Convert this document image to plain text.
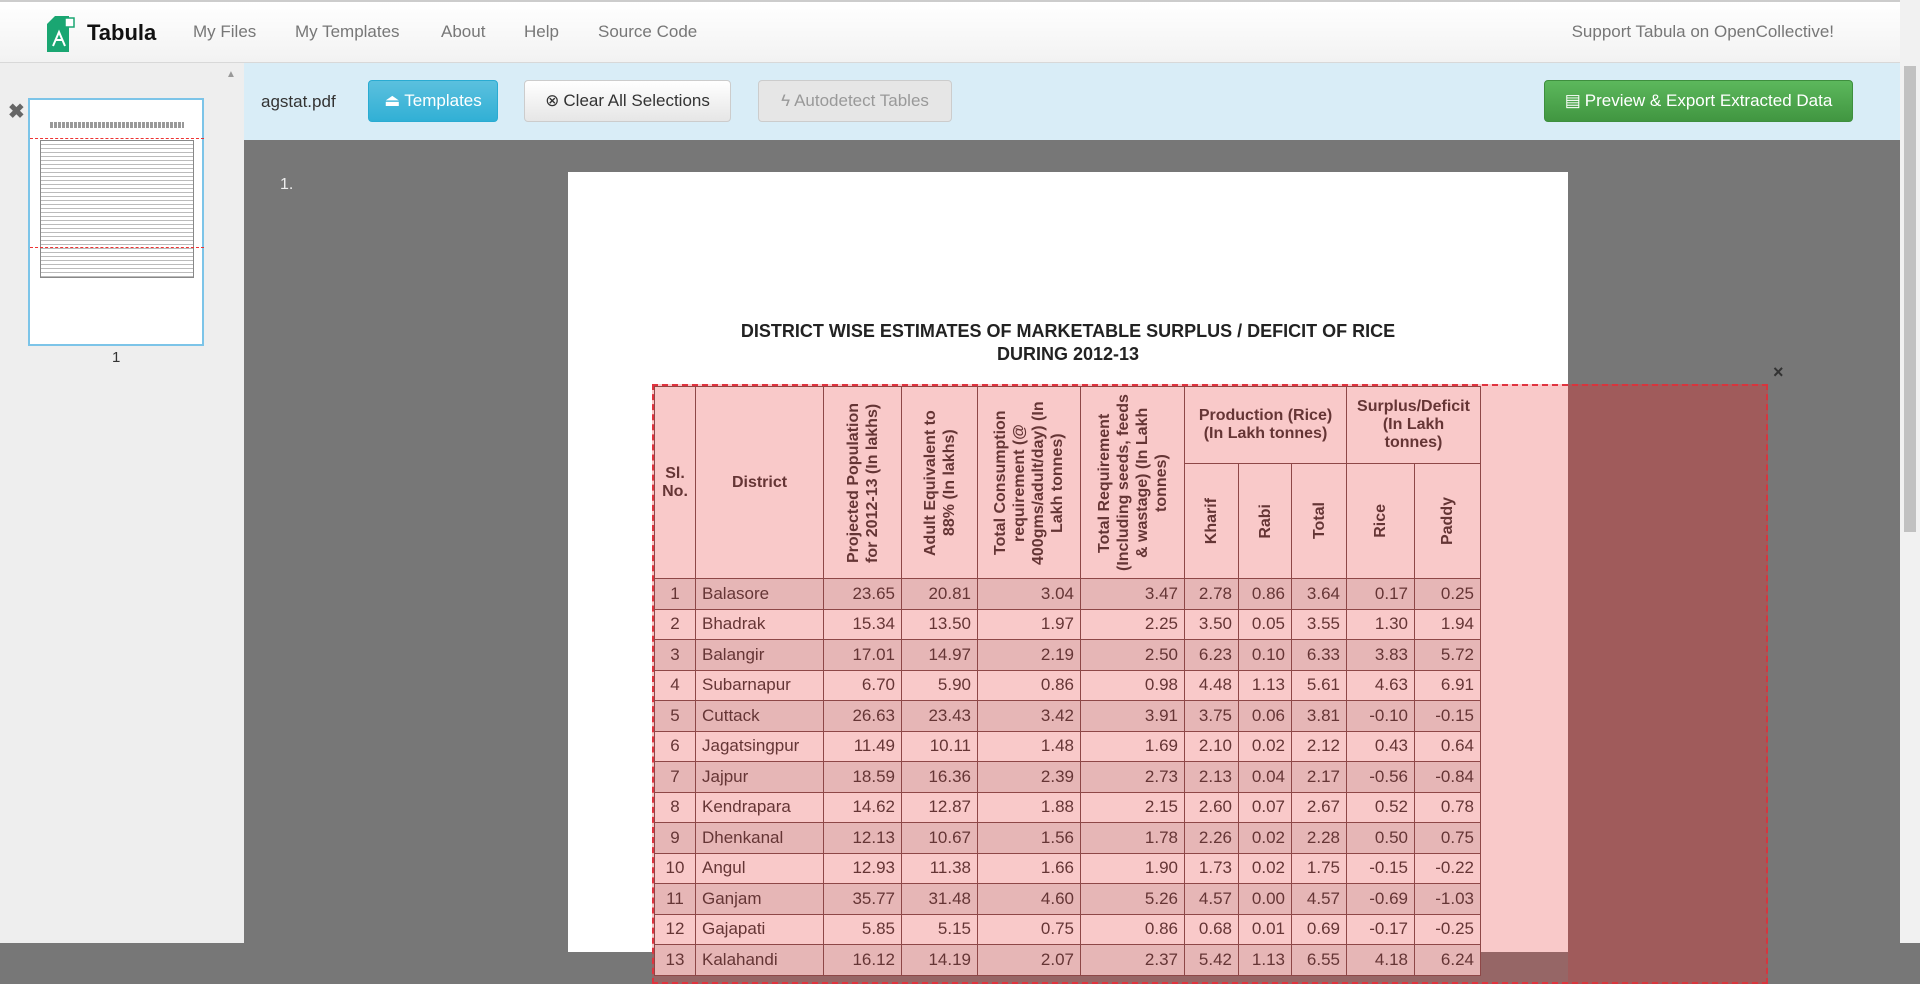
Tabula My Files My Templates About Help Source Code	Support Tabula on OpenCollective!
✖
▲
1
agstat.pdf	⏏ Templates	⊗ Clear All Selections	ϟ Autodetect Tables	▤ Preview & Export Extracted Data
1.
DISTRICT WISE ESTIMATES OF MARKETABLE SURPLUS / DEFICIT OF RICE
DURING 2012-13
Sl. No.	District	Projected Population for 2012-13 (In lakhs)	Adult Equivalent to 88% (In lakhs)	Total Consumption requirement (@ 400gms/adult/day) (In Lakh tonnes)	Total Requirement (Including seeds, feeds & wastage) (In Lakh tonnes)	Production (Rice) (In Lakh tonnes)			Surplus/Deficit (In Lakh tonnes)	

						Kharif	Rabi	Total	Rice	Paddy

1	Balasore	23.65	20.81	3.04	3.47	2.78	0.86	3.64	0.17	0.25
2	Bhadrak	15.34	13.50	1.97	2.25	3.50	0.05	3.55	1.30	1.94
3	Balangir	17.01	14.97	2.19	2.50	6.23	0.10	6.33	3.83	5.72
4	Subarnapur	6.70	5.90	0.86	0.98	4.48	1.13	5.61	4.63	6.91
5	Cuttack	26.63	23.43	3.42	3.91	3.75	0.06	3.81	-0.10	-0.15
6	Jagatsingpur	11.49	10.11	1.48	1.69	2.10	0.02	2.12	0.43	0.64
7	Jajpur	18.59	16.36	2.39	2.73	2.13	0.04	2.17	-0.56	-0.84
8	Kendrapara	14.62	12.87	1.88	2.15	2.60	0.07	2.67	0.52	0.78
9	Dhenkanal	12.13	10.67	1.56	1.78	2.26	0.02	2.28	0.50	0.75
10	Angul	12.93	11.38	1.66	1.90	1.73	0.02	1.75	-0.15	-0.22
11	Ganjam	35.77	31.48	4.60	5.26	4.57	0.00	4.57	-0.69	-1.03
12	Gajapati	5.85	5.15	0.75	0.86	0.68	0.01	0.69	-0.17	-0.25
13	Kalahandi	16.12	14.19	2.07	2.37	5.42	1.13	6.55	4.18	6.24
×
